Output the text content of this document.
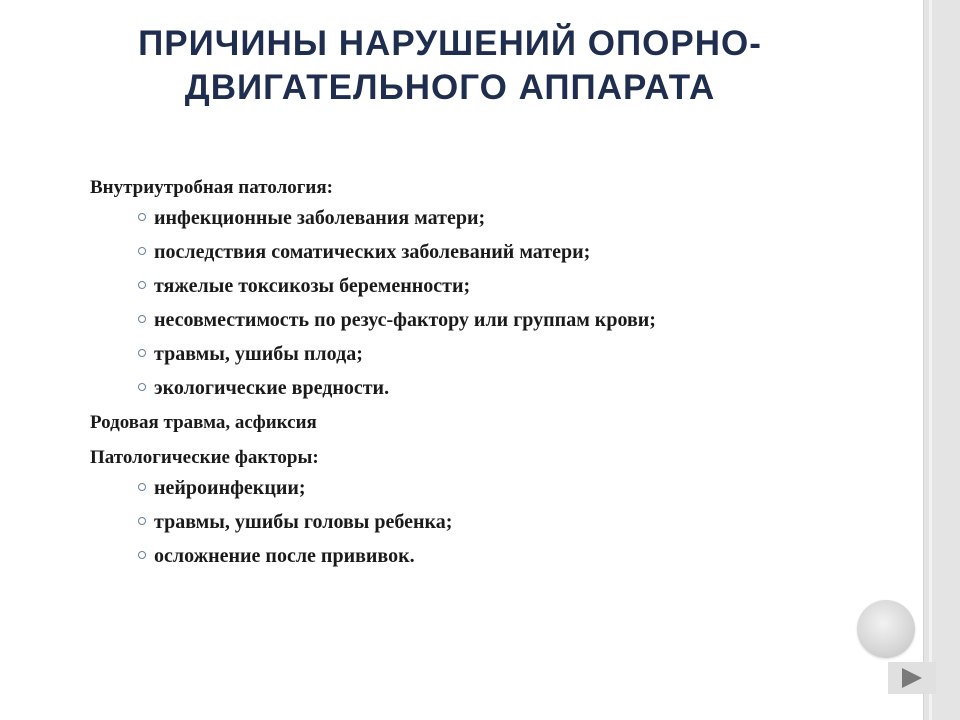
ПРИЧИНЫ НАРУШЕНИЙ ОПОРНО-ДВИГАТЕЛЬНОГО АППАРАТА
Внутриутробная патология:
инфекционные заболевания матери;
последствия соматических заболеваний матери;
тяжелые токсикозы беременности;
несовместимость по резус-фактору или группам крови;
травмы, ушибы плода;
экологические вредности.
Родовая травма, асфиксия
Патологические факторы:
нейроинфекции;
травмы, ушибы головы ребенка;
осложнение после прививок.
